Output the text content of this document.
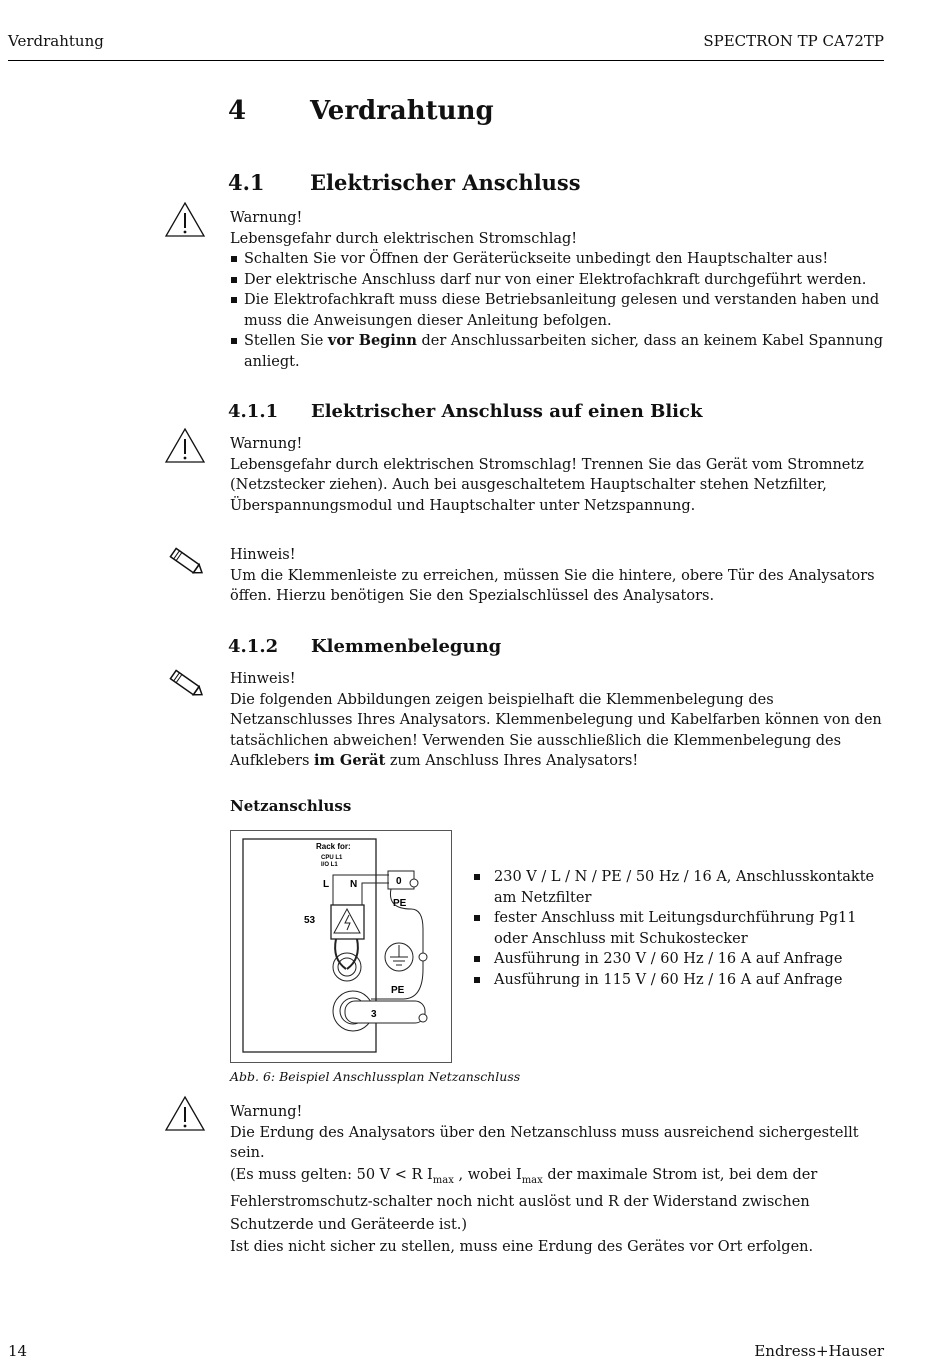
Verdrahtung	SPECTRON TP CA72TP
4 Verdrahtung
4.1 Elektrischer Anschluss
Warnung!
Lebensgefahr durch elektrischen Stromschlag!
Schalten Sie vor Öffnen der Geräterückseite unbedingt den Hauptschalter aus!
Der elektrische Anschluss darf nur von einer Elektrofachkraft durchgeführt werden.
Die Elektrofachkraft muss diese Betriebsanleitung gelesen und verstanden haben und muss die Anweisungen dieser Anleitung befolgen.
Stellen Sie vor Beginn der Anschlussarbeiten sicher, dass an keinem Kabel Spannung anliegt.
4.1.1 Elektrischer Anschluss auf einen Blick
Warnung!
Lebensgefahr durch elektrischen Stromschlag! Trennen Sie das Gerät vom Stromnetz (Netzstecker ziehen). Auch bei ausgeschaltetem Hauptschalter stehen Netzfilter, Überspannungsmodul und Hauptschalter unter Netzspannung.
Hinweis!
Um die Klemmenleiste zu erreichen, müssen Sie die hintere, obere Tür des Analysators öffen. Hierzu benötigen Sie den Spezialschlüssel des Analysators.
4.1.2 Klemmenbelegung
Hinweis!
Die folgenden Abbildungen zeigen beispielhaft die Klemmenbelegung des Netzanschlusses Ihres Analysators. Klemmenbelegung und Kabelfarben können von den tatsächlichen abweichen! Verwenden Sie ausschließlich die Klemmenbelegung des Aufklebers im Gerät zum Anschluss Ihres Analysators!
Netzanschluss
Rack for:
CPU L1
I/O L1
L N
53
0
PE
PE
3
Abb. 6: Beispiel Anschlussplan Netzanschluss
230 V / L / N / PE / 50 Hz / 16 A, Anschlusskontakte am Netzfilter
fester Anschluss mit Leitungsdurchführung Pg11 oder Anschluss mit Schukostecker
Ausführung in 230 V / 60 Hz / 16 A auf Anfrage
Ausführung in 115 V / 60 Hz / 16 A auf Anfrage
Warnung!
Die Erdung des Analysators über den Netzanschluss muss ausreichend sichergestellt sein.
(Es muss gelten: 50 V < R $I_{max}$ , wobei $I_{max}$ der maximale Strom ist, bei dem der Fehlerstromschutz-schalter noch nicht auslöst und R der Widerstand zwischen Schutzerde und Geräteerde ist.)
Ist dies nicht sicher zu stellen, muss eine Erdung des Gerätes vor Ort erfolgen.
14	Endress+Hauser
